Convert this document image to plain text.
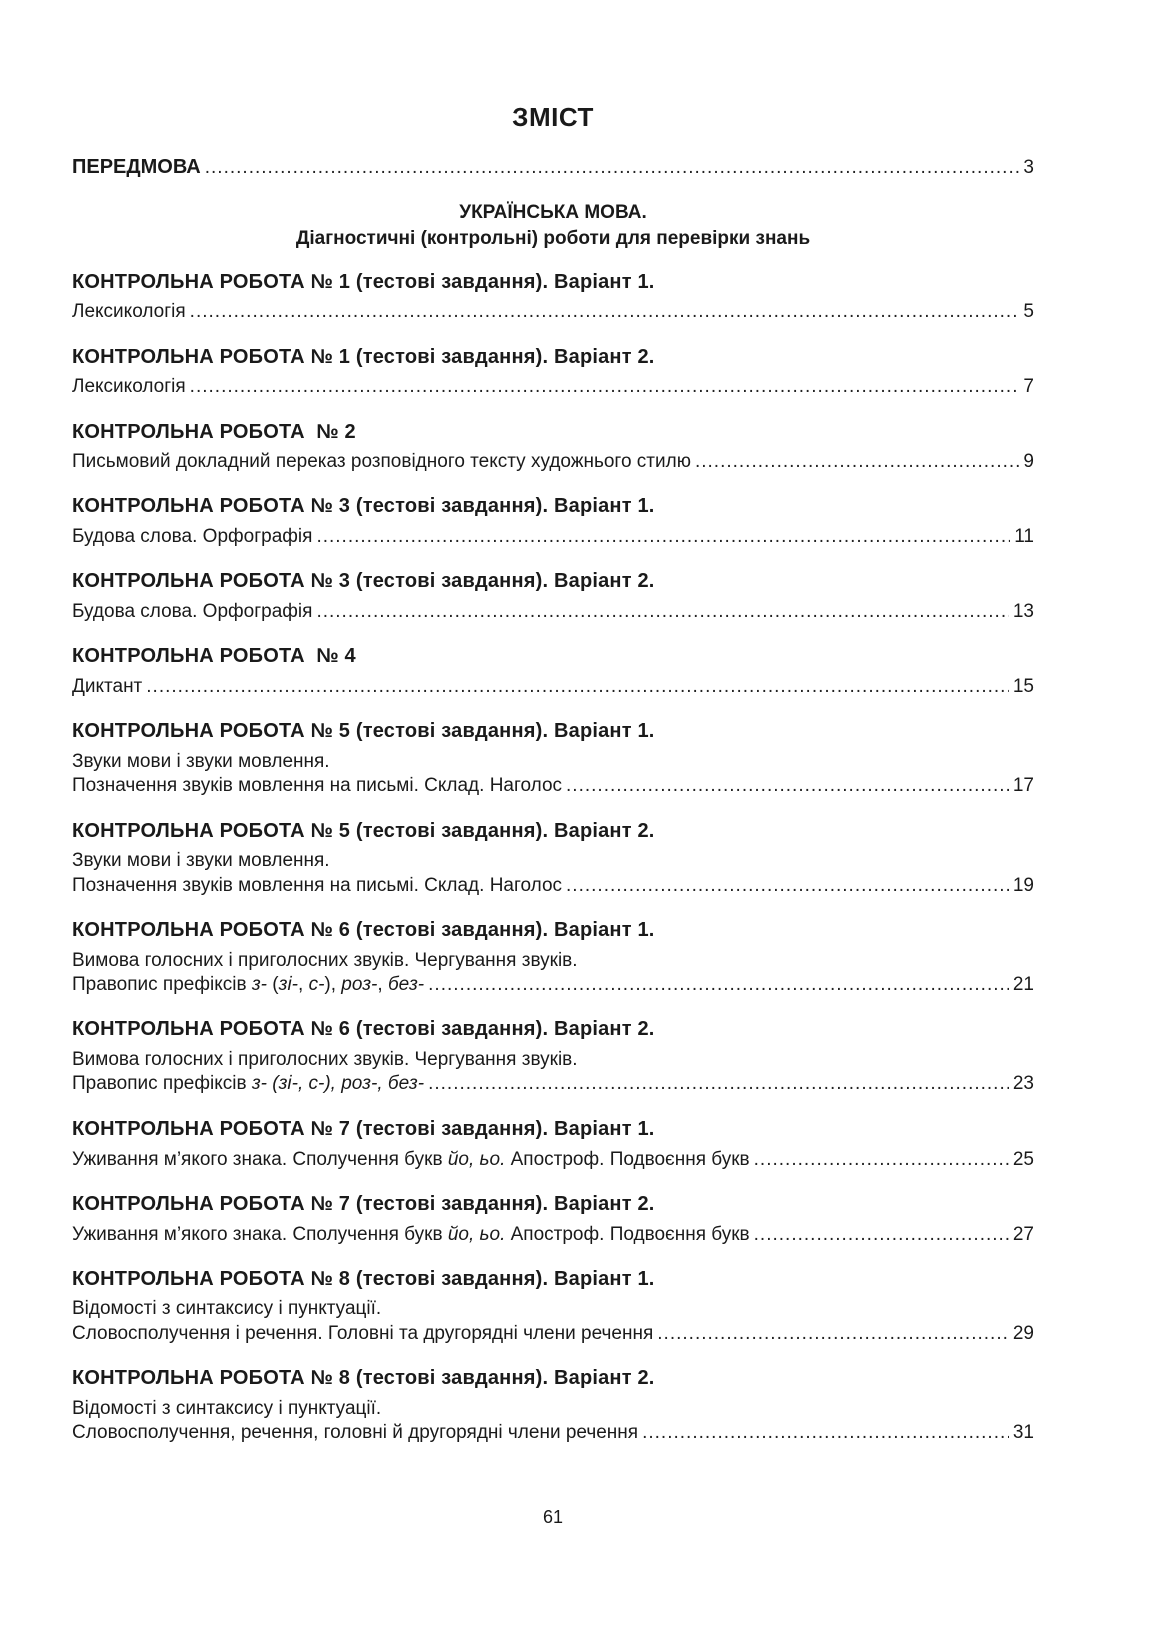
ЗМІСТ
ПЕРЕДМОВА .....	3
УКРАЇНСЬКА МОВА.
Діагностичні (контрольні) роботи для перевірки знань
КОНТРОЛЬНА РОБОТА № 1 (тестові завдання). Варіант 1.
Лексикологія .....	5
КОНТРОЛЬНА РОБОТА № 1 (тестові завдання). Варіант 2.
Лексикологія .....	7
КОНТРОЛЬНА РОБОТА  № 2
Письмовий докладний переказ розповідного тексту художнього стилю .....	9
КОНТРОЛЬНА РОБОТА № 3 (тестові завдання). Варіант 1.
Будова слова. Орфографія .....	11
КОНТРОЛЬНА РОБОТА № 3 (тестові завдання). Варіант 2.
Будова слова. Орфографія .....	13
КОНТРОЛЬНА РОБОТА  № 4
Диктант .....	15
КОНТРОЛЬНА РОБОТА № 5 (тестові завдання). Варіант 1.
Звуки мови і звуки мовлення.
Позначення звуків мовлення на письмі. Склад. Наголос .....	17
КОНТРОЛЬНА РОБОТА № 5 (тестові завдання). Варіант 2.
Звуки мови і звуки мовлення.
Позначення звуків мовлення на письмі. Склад. Наголос .....	19
КОНТРОЛЬНА РОБОТА № 6 (тестові завдання). Варіант 1.
Вимова голосних і приголосних звуків. Чергування звуків.
Правопис префіксів з- (зі-, с-), роз-, без- .....	21
КОНТРОЛЬНА РОБОТА № 6 (тестові завдання). Варіант 2.
Вимова голосних і приголосних звуків. Чергування звуків.
Правопис префіксів з- (зі-, с-), роз-, без- .....	23
КОНТРОЛЬНА РОБОТА № 7 (тестові завдання). Варіант 1.
Уживання м’якого знака. Сполучення букв йо, ьо. Апостроф. Подвоєння букв .....	25
КОНТРОЛЬНА РОБОТА № 7 (тестові завдання). Варіант 2.
Уживання м’якого знака. Сполучення букв йо, ьо. Апостроф. Подвоєння букв .....	27
КОНТРОЛЬНА РОБОТА № 8 (тестові завдання). Варіант 1.
Відомості з синтаксису і пунктуації.
Словосполучення і речення. Головні та другорядні члени речення .....	29
КОНТРОЛЬНА РОБОТА № 8 (тестові завдання). Варіант 2.
Відомості з синтаксису і пунктуації.
Словосполучення, речення, головні й другорядні члени речення .....	31
61
